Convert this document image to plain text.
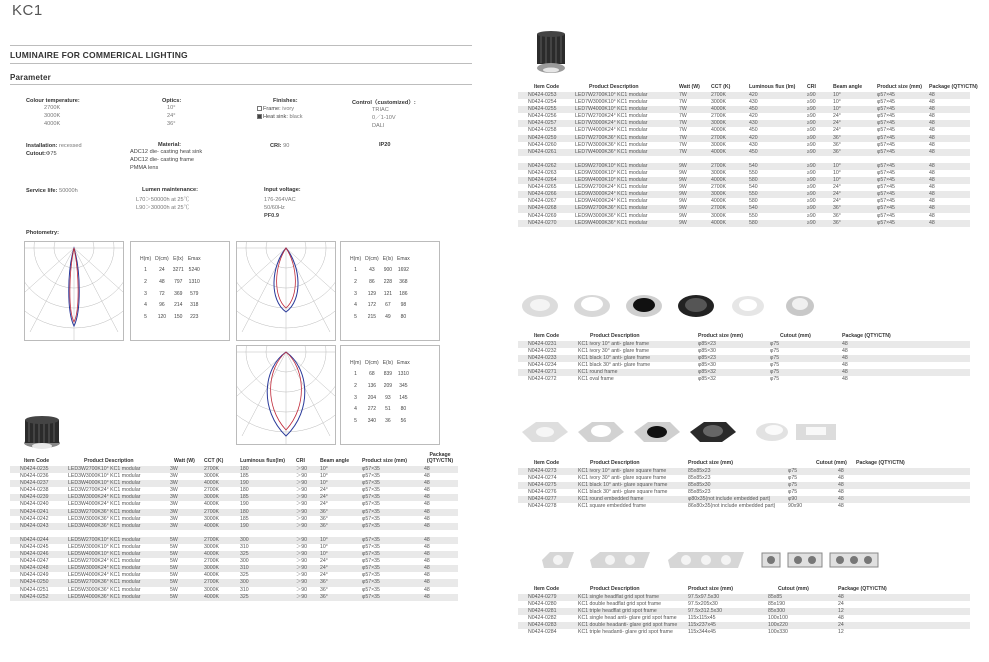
KC1
LUMINAIRE FOR COMMERICAL LIGHTING
Parameter
Colour temperature:
2700K
3000K
4000K
Optics:
10°
24°
36°
Finishes:
Frame: ivory
Heat sink: black
Control（customized）:
TRIAC
0／1-10V
DALI
Installation: recessed
Cutout:Φ75
Material:
ADC12 die- casting heat sink
ADC12 die- casting frame
PMMA lens
CRI: 90	IP20
Service life: 50000h	Lumen maintenance:
L70＞50000h at 25℃
L90＞30000h at 25℃
Input voltage:
176-264VAC
50/60Hz
PF0.9
Photometry:
H(m)	D(cm)	E(lx)	Emax
1	24	3271	5240
2	48	797	1310
3	72	369	579
4	96	214	318
5	120	150	223
H(m)	D(cm)	E(lx)	Emax
1	43	900	1692
2	86	228	368
3	129	121	186
4	172	67	98
5	215	49	80
H(m)	D(cm)	E(lx)	Emax
1	68	839	1310
2	136	209	345
3	204	93	145
4	272	51	80
5	340	36	56
Item Code	Product Description	Watt (W)	CCT (K)	Luminous flux(lm)	CRI	Beam angle	Product size (mm)	Package (QTY/CTN)
N0424-0235	LED3W2700K10° KC1 modular	3W	2700K	180	＞90	10°	φ57×35	48
N0424-0236	LED3W3000K10° KC1 modular	3W	3000K	185	＞90	10°	φ57×35	48
N0424-0237	LED3W4000K10° KC1 modular	3W	4000K	190	＞90	10°	φ57×35	48
N0424-0238	LED3W2700K24° KC1 modular	3W	2700K	180	＞90	24°	φ57×35	48
N0424-0239	LED3W3000K24° KC1 modular	3W	3000K	185	＞90	24°	φ57×35	48
N0424-0240	LED3W4000K24° KC1 modular	3W	4000K	190	＞90	24°	φ57×35	48
N0424-0241	LED3W2700K36° KC1 modular	3W	2700K	180	＞90	36°	φ57×35	48
N0424-0242	LED3W3000K36° KC1 modular	3W	3000K	185	＞90	36°	φ57×35	48
N0424-0243	LED3W4000K36° KC1 modular	3W	4000K	190	＞90	36°	φ57×35	48

N0424-0244	LED5W2700K10° KC1 modular	5W	2700K	300	＞90	10°	φ57×35	48
N0424-0245	LED5W3000K10° KC1 modular	5W	3000K	310	＞90	10°	φ57×35	48
N0424-0246	LED5W4000K10° KC1 modular	5W	4000K	325	＞90	10°	φ57×35	48
N0424-0247	LED5W2700K24° KC1 modular	5W	2700K	300	＞90	24°	φ57×35	48
N0424-0248	LED5W3000K24° KC1 modular	5W	3000K	310	＞90	24°	φ57×35	48
N0424-0249	LED5W4000K24° KC1 modular	5W	4000K	325	＞90	24°	φ57×35	48
N0424-0250	LED5W2700K36° KC1 modular	5W	2700K	300	＞90	36°	φ57×35	48
N0424-0251	LED5W3000K36° KC1 modular	5W	3000K	310	＞90	36°	φ57×35	48
N0424-0252	LED5W4000K36° KC1 modular	5W	4000K	325	＞90	36°	φ57×35	48
Item Code	Product Description	Watt (W)	CCT (K)	Luminous flux (lm)	CRI	Beam angle	Product size (mm)	Package (QTY/CTN)
N0424-0253	LED7W2700K10° KC1 modular	7W	2700K	420	≥90	10°	φ57×45	48
N0424-0254	LED7W3000K10° KC1 modular	7W	3000K	430	≥90	10°	φ57×45	48
N0424-0255	LED7W4000K10° KC1 modular	7W	4000K	450	≥90	10°	φ57×45	48
N0424-0256	LED7W2700K24° KC1 modular	7W	2700K	420	≥90	24°	φ57×45	48
N0424-0257	LED7W3000K24° KC1 modular	7W	3000K	430	≥90	24°	φ57×45	48
N0424-0258	LED7W4000K24° KC1 modular	7W	4000K	450	≥90	24°	φ57×45	48
N0424-0259	LED7W2700K36° KC1 modular	7W	2700K	420	≥90	36°	φ57×45	48
N0424-0260	LED7W3000K36° KC1 modular	7W	3000K	430	≥90	36°	φ57×45	48
N0424-0261	LED7W4000K36° KC1 modular	7W	4000K	450	≥90	36°	φ57×45	48

N0424-0262	LED9W2700K10° KC1 modular	9W	2700K	540	≥90	10°	φ57×45	48
N0424-0263	LED9W3000K10° KC1 modular	9W	3000K	550	≥90	10°	φ57×45	48
N0424-0264	LED9W4000K10° KC1 modular	9W	4000K	580	≥90	10°	φ57×45	48
N0424-0265	LED9W2700K24° KC1 modular	9W	2700K	540	≥90	24°	φ57×45	48
N0424-0266	LED9W3000K24° KC1 modular	9W	3000K	550	≥90	24°	φ57×45	48
N0424-0267	LED9W4000K24° KC1 modular	9W	4000K	580	≥90	24°	φ57×45	48
N0424-0268	LED9W2700K36° KC1 modular	9W	2700K	540	≥90	36°	φ57×45	48
N0424-0269	LED9W3000K36° KC1 modular	9W	3000K	550	≥90	36°	φ57×45	48
N0424-0270	LED9W4000K36° KC1 modular	9W	4000K	580	≥90	36°	φ57×45	48
Item Code	Product Description	Product size (mm)	Cutout (mm)	Package (QTY/CTN)
N0424-0231	KC1 ivory 10° anti- glare frame	φ85×23	φ75	48
N0424-0232	KC1 ivory 30° anti- glare frame	φ85×30	φ75	48
N0424-0233	KC1 black 10° anti- glare frame	φ85×23	φ75	48
N0424-0234	KC1 black 30° anti- glare frame	φ85×30	φ75	48
N0424-0271	KC1 round frame	φ85×32	φ75	48
N0424-0272	KC1 oval frame	φ85×32	φ75	48
Item Code	Product Description	Product size (mm)	Cutout (mm)	Package (QTY/CTN)
N0424-0273	KC1 ivory 10° anti- glare square frame	85x85x23	φ75	48
N0424-0274	KC1 ivory 30° anti- glare square frame	85x85x23	φ75	48
N0424-0275	KC1 black 10° anti- glare square frame	85x85x30	φ75	48
N0424-0276	KC1 black 30° anti- glare square frame	85x85x23	φ75	48
N0424-0277	KC1 round embedded frame	φ80x35(not include embedded part)	φ90	48
N0424-0278	KC1 square embedded frame	86x80x35(not include embedded part)	90x90	48
Item Code	Product Description	Product size (mm)	Cutout (mm)	Package (QTY/CTN)
N0424-0279	KC1 single headflat grid spot frame	97.5x97.5x30	85x85	48
N0424-0280	KC1 double headflat grid spot frame	97.5x205x30	85x190	24
N0424-0281	KC1 triple headflat grid spot frame	97.5x312.5x30	85x300	12
N0424-0282	KC1 single head anti- glare grid spot frame	115x115x45	100x100	48
N0424-0283	KC1 double headanti- glare grid spot frame	115x237x45	100x220	24
N0424-0284	KC1 triple headanti- glare grid spot frame	115x344x45	100x330	12
